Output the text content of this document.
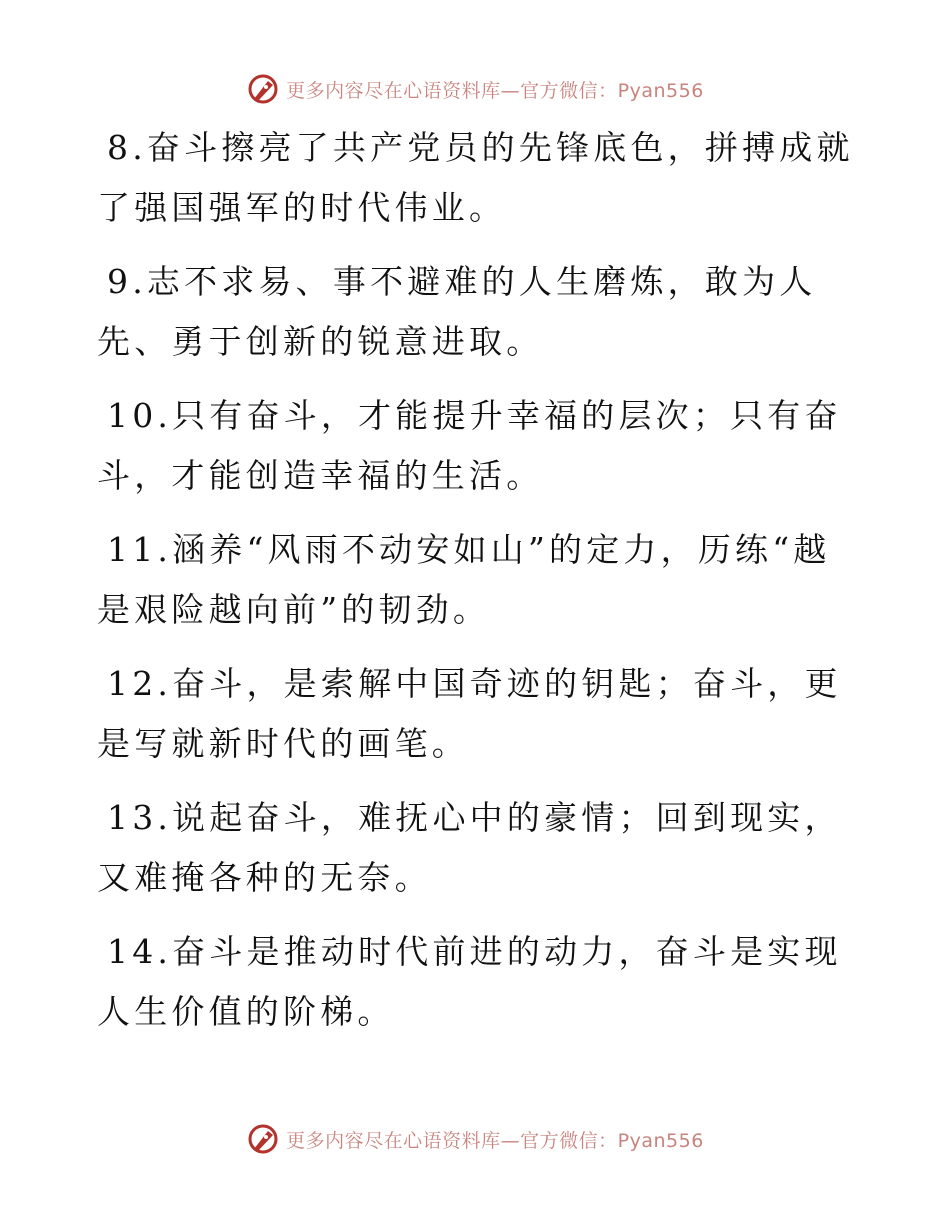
更多内容尽在心语资料库—官方微信：Pyan556

8.奋斗擦亮了共产党员的先锋底色，拼搏成就了强国强军的时代伟业。

9.志不求易、事不避难的人生磨炼，敢为人先、勇于创新的锐意进取。

10.只有奋斗，才能提升幸福的层次；只有奋斗，才能创造幸福的生活。

11.涵养“风雨不动安如山”的定力，历练“越是艰险越向前”的韧劲。

12.奋斗，是索解中国奇迹的钥匙；奋斗，更是写就新时代的画笔。

13.说起奋斗，难抚心中的豪情；回到现实，又难掩各种的无奈。

14.奋斗是推动时代前进的动力，奋斗是实现人生价值的阶梯。

更多内容尽在心语资料库—官方微信：Pyan556
